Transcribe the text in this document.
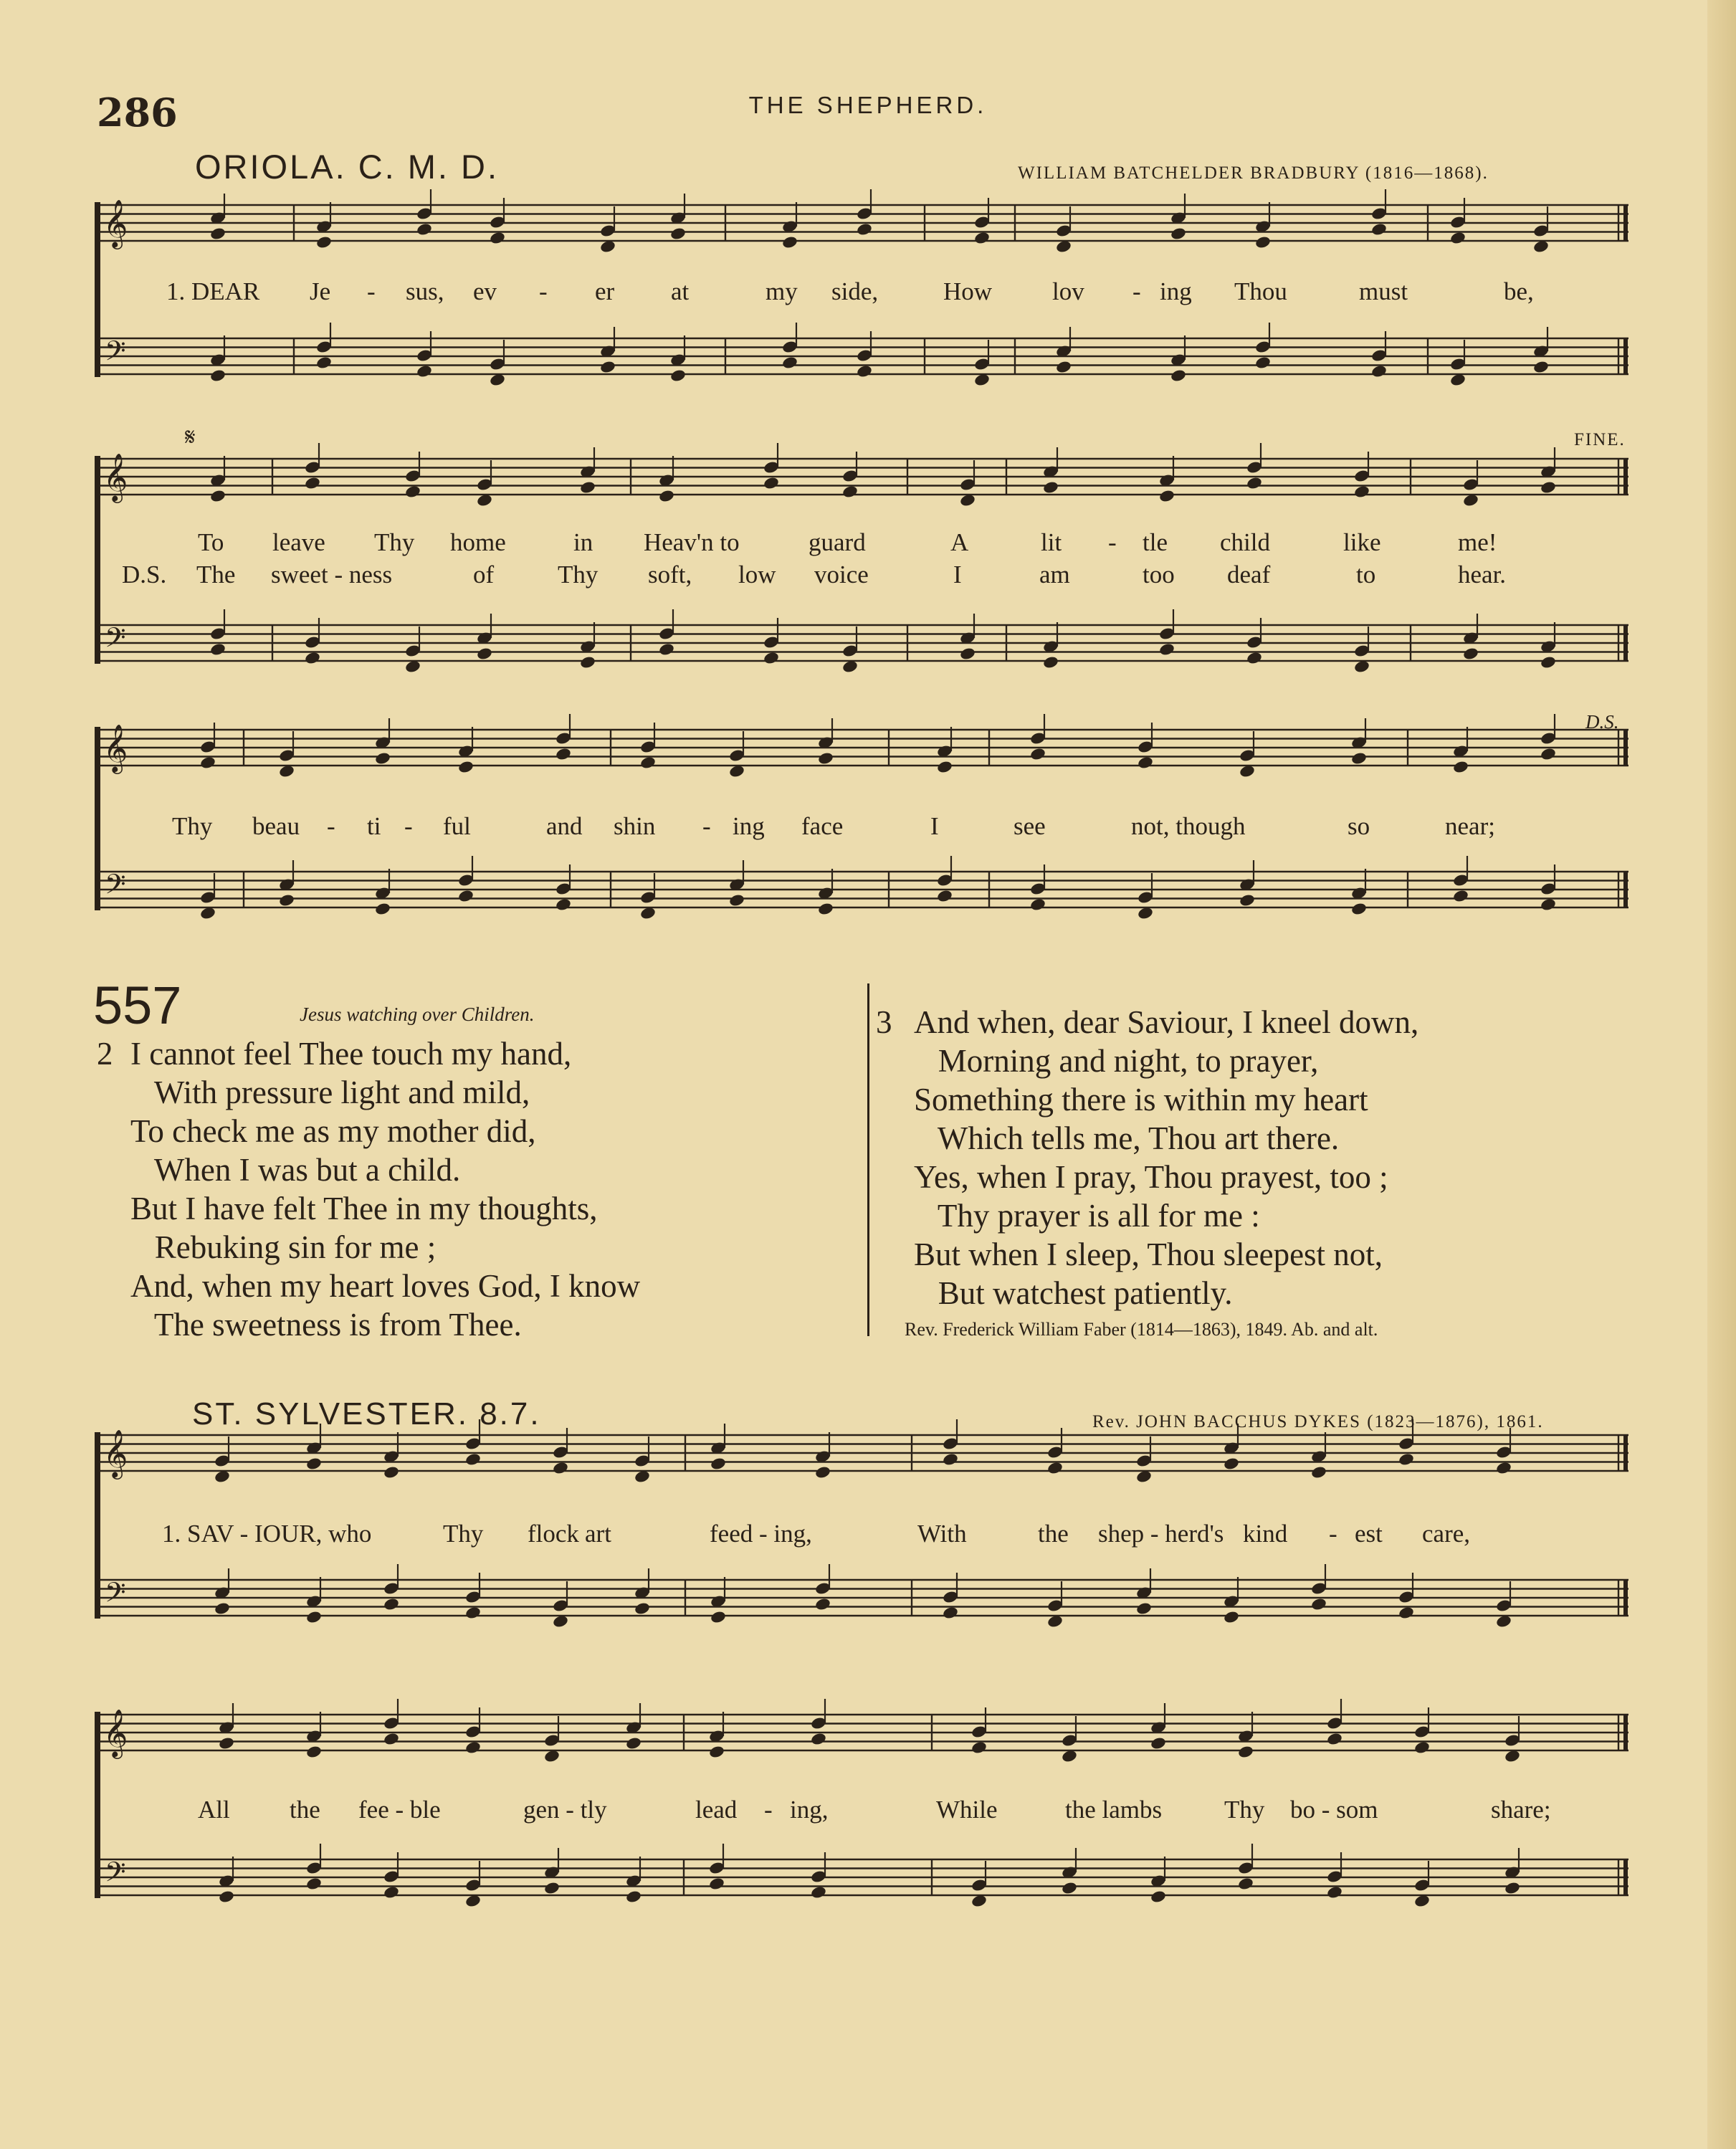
286	THE SHEPHERD.
𝄞
𝄢
𝄞
𝄢
𝄞
𝄢
𝄞
𝄢
𝄞
𝄢
ORIOLA. C. M. D.	WILLIAM BATCHELDER BRADBURY (1816—1868).
1. DEAR Je - sus, ev - er at	my side,	How lov - ing Thou	must	be,
𝄋	FINE.
To leave Thy home	in Heav'n to	guard	A	lit - tle child	like	me!
D.S. The sweet - ness	of	Thy soft, low voice	I	am	too deaf	to	hear.
D.S.
Thy beau - ti - ful	and shin - ing face	I	see	not, though	so	near;
557	Jesus watching over Children.
2 I cannot feel Thee touch my hand,
With pressure light and mild,
To check me as my mother did,
When I was but a child.
But I have felt Thee in my thoughts,
Rebuking sin for me ;
And, when my heart loves God, I know
The sweetness is from Thee.
3 And when, dear Saviour, I kneel down,
Morning and night, to prayer,
Something there is within my heart
Which tells me, Thou art there.
Yes, when I pray, Thou prayest, too ;
Thy prayer is all for me :
But when I sleep, Thou sleepest not,
But watchest patiently.
Rev. Frederick William Faber (1814—1863), 1849. Ab. and alt.
ST. SYLVESTER. 8.7.	Rev. JOHN BACCHUS DYKES (1823—1876), 1861.
1. SAV - IOUR, who	Thy flock art	feed - ing,	With	the shep - herd's kind - est care,
All the fee - ble	gen - tly	lead - ing,	While	the lambs Thy bo - som	share;
